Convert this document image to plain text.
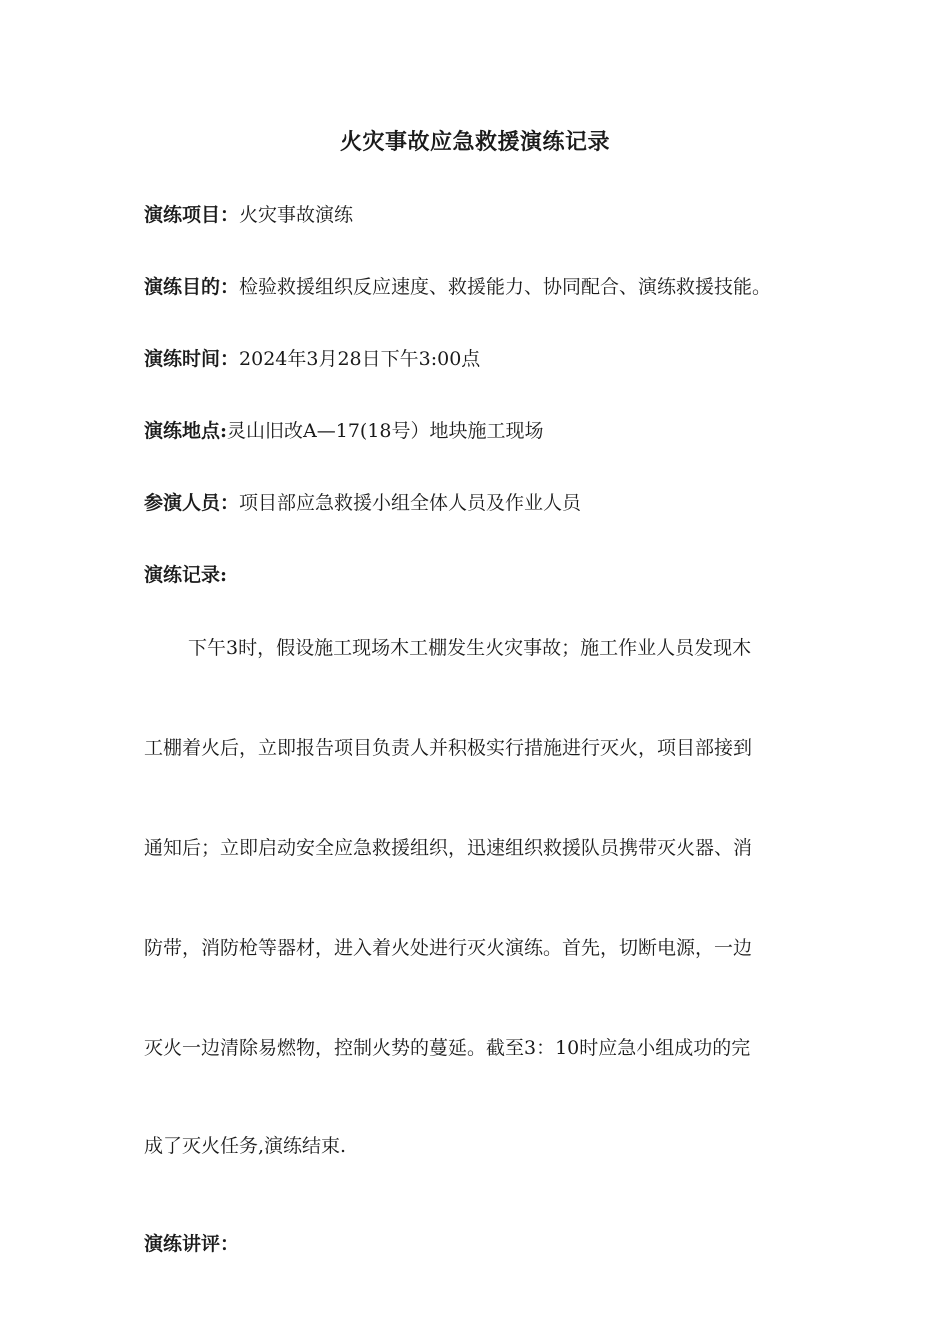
火灾事故应急救援演练记录
演练项目：火灾事故演练
演练目的：检验救援组织反应速度、救援能力、协同配合、演练救援技能。
演练时间：2024年3月28日下午3:00点
演练地点:灵山旧改A—17(18号）地块施工现场
参演人员：项目部应急救援小组全体人员及作业人员
演练记录:
下午3时，假设施工现场木工棚发生火灾事故；施工作业人员发现木
工棚着火后，立即报告项目负责人并积极实行措施进行灭火，项目部接到
通知后；立即启动安全应急救援组织，迅速组织救援队员携带灭火器、消
防带，消防枪等器材，进入着火处进行灭火演练。首先，切断电源，一边
灭火一边清除易燃物，控制火势的蔓延。截至3：10时应急小组成功的完
成了灭火任务,演练结束.
演练讲评：
